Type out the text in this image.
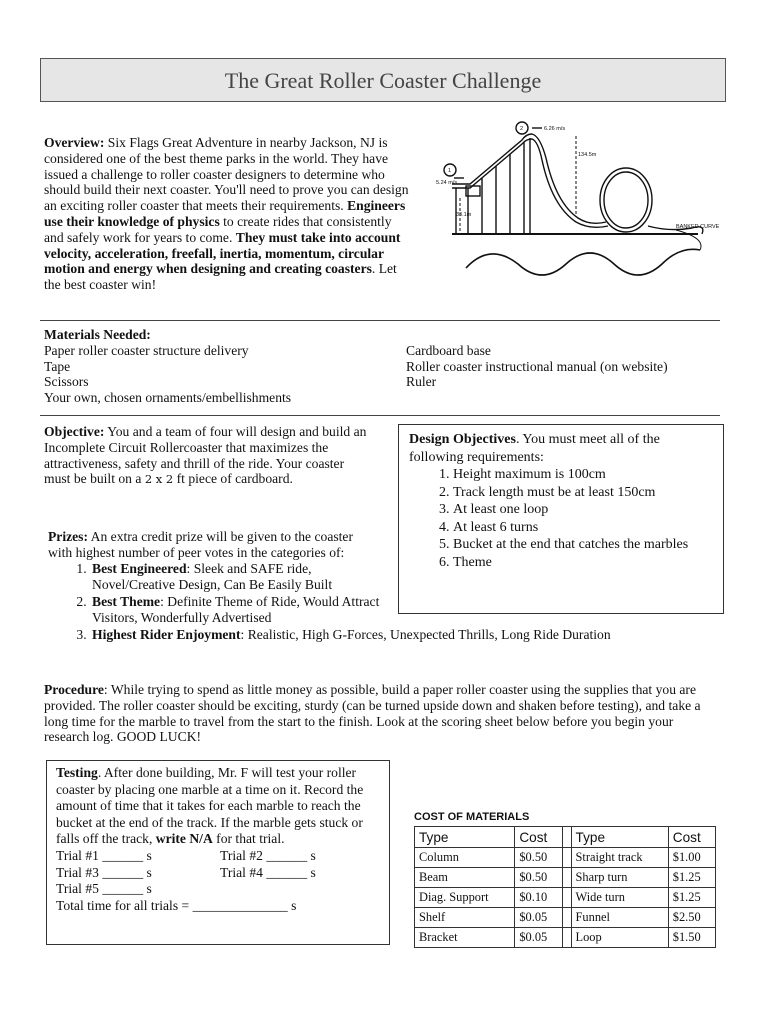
The Great Roller Coaster Challenge
Overview: Six Flags Great Adventure in nearby Jackson, NJ is considered one of the best theme parks in the world. They have issued a challenge to roller coaster designers to determine who should build their next coaster. You'll need to prove you can design an exciting roller coaster that meets their requirements. Engineers use their knowledge of physics to create rides that consistently and safely work for years to come. They must take into account velocity, acceleration, freefall, inertia, momentum, circular motion and energy when designing and creating coasters. Let the best coaster win!
1
2
5.24 m/s
6.26 m/s
134.5m
33.1m
BANKED CURVE
Materials Needed:
Paper roller coaster structure delivery
Tape
Scissors
Your own, chosen ornaments/embellishments
Cardboard base
Roller coaster instructional manual (on website)
Ruler
Objective: You and a team of four will design and build an Incomplete Circuit Rollercoaster that maximizes the attractiveness, safety and thrill of the ride. Your coaster must be built on a 2 x 2 ft piece of cardboard.
Design Objectives. You must meet all of the following requirements:
1. Height maximum is 100cm
2. Track length must be at least 150cm
3. At least one loop
4. At least 6 turns
5. Bucket at the end that catches the marbles
6. Theme
Prizes: An extra credit prize will be given to the coaster with highest number of peer votes in the categories of:
1. Best Engineered: Sleek and SAFE ride, Novel/Creative Design, Can Be Easily Built
2. Best Theme: Definite Theme of Ride, Would Attract Visitors, Wonderfully Advertised
3. Highest Rider Enjoyment: Realistic, High G-Forces, Unexpected Thrills, Long Ride Duration
Procedure: While trying to spend as little money as possible, build a paper roller coaster using the supplies that you are provided. The roller coaster should be exciting, sturdy (can be turned upside down and shaken before testing), and take a long time for the marble to travel from the start to the finish. Look at the scoring sheet below before you begin your research log. GOOD LUCK!
Testing. After done building, Mr. F will test your roller coaster by placing one marble at a time on it. Record the amount of time that it takes for each marble to reach the bucket at the end of the track. If the marble gets stuck or falls off the track, write N/A for that trial.
Trial #1 ______ s	Trial #2 ______ s
Trial #3 ______ s	Trial #4 ______ s
Trial #5 ______ s
Total time for all trials = ______________ s
COST OF MATERIALS
Type	Cost		Type	Cost
Column	$0.50		Straight track	$1.00
Beam	$0.50		Sharp turn	$1.25
Diag. Support	$0.10		Wide turn	$1.25
Shelf	$0.05		Funnel	$2.50
Bracket	$0.05		Loop	$1.50
